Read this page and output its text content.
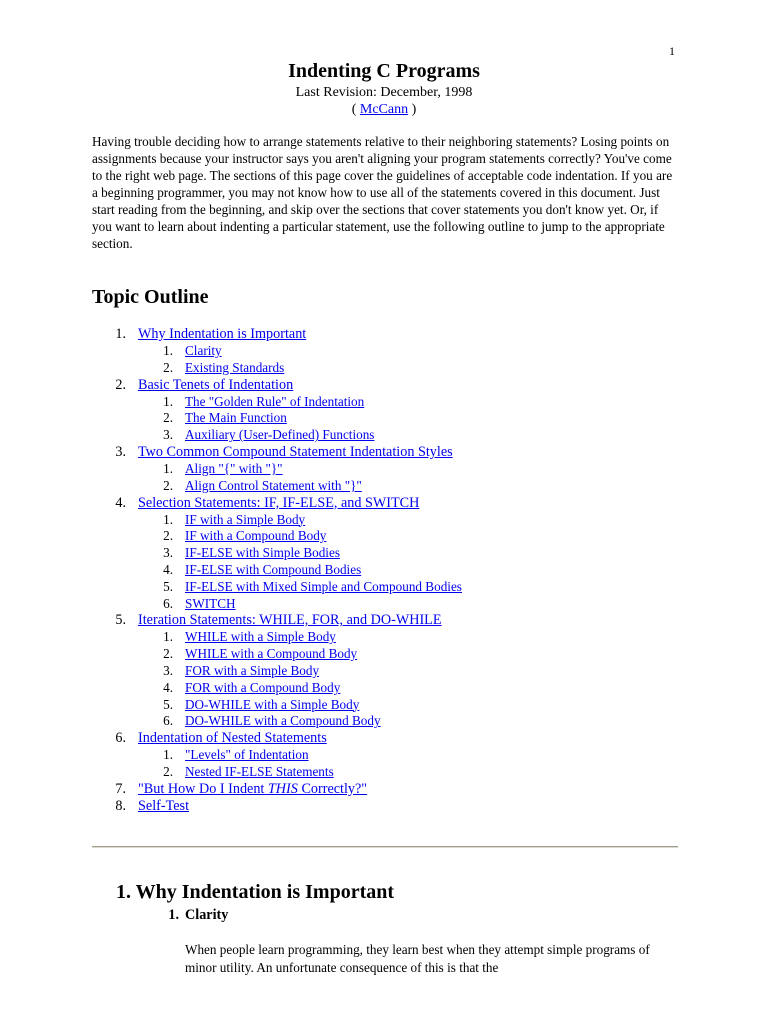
1
Indenting C Programs
Last Revision: December, 1998
( McCann )

Having trouble deciding how to arrange statements relative to their neighboring statements? Losing points on assignments because your instructor says you aren't aligning your program statements correctly? You've come to the right web page. The sections of this page cover the guidelines of acceptable code indentation. If you are a beginning programmer, you may not know how to use all of the statements covered in this document. Just start reading from the beginning, and skip over the sections that cover statements you don't know yet. Or, if you want to learn about indenting a particular statement, use the following outline to jump to the appropriate section.

Topic Outline
1. Why Indentation is Important
1. Clarity
2. Existing Standards
2. Basic Tenets of Indentation
1. The "Golden Rule" of Indentation
2. The Main Function
3. Auxiliary (User-Defined) Functions
3. Two Common Compound Statement Indentation Styles
1. Align "{" with "}"
2. Align Control Statement with "}"
4. Selection Statements: IF, IF-ELSE, and SWITCH
1. IF with a Simple Body
2. IF with a Compound Body
3. IF-ELSE with Simple Bodies
4. IF-ELSE with Compound Bodies
5. IF-ELSE with Mixed Simple and Compound Bodies
6. SWITCH
5. Iteration Statements: WHILE, FOR, and DO-WHILE
1. WHILE with a Simple Body
2. WHILE with a Compound Body
3. FOR with a Simple Body
4. FOR with a Compound Body
5. DO-WHILE with a Simple Body
6. DO-WHILE with a Compound Body
6. Indentation of Nested Statements
1. "Levels" of Indentation
2. Nested IF-ELSE Statements
7. "But How Do I Indent THIS Correctly?"
8. Self-Test
1. Why Indentation is Important
1. Clarity

When people learn programming, they learn best when they attempt simple programs of minor utility. An unfortunate consequence of this is that the
